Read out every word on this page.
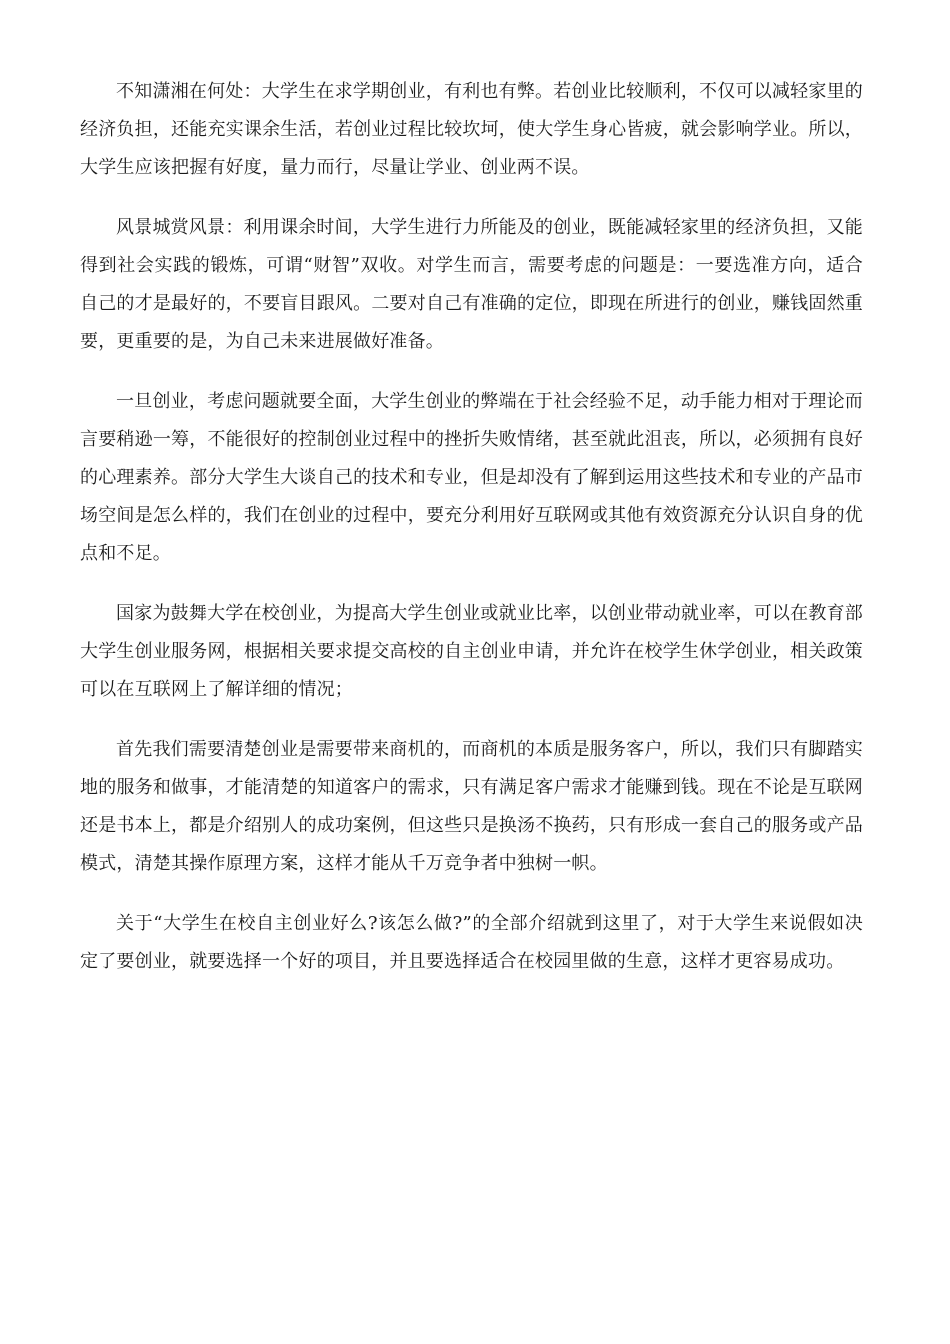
不知潇湘在何处：大学生在求学期创业，有利也有弊。若创业比较顺利，不仅可以减轻家里的经济负担，还能充实课余生活，若创业过程比较坎坷，使大学生身心皆疲，就会影响学业。所以，大学生应该把握有好度，量力而行，尽量让学业、创业两不误。

风景城赏风景：利用课余时间，大学生进行力所能及的创业，既能减轻家里的经济负担，又能得到社会实践的锻炼，可谓“财智”双收。对学生而言，需要考虑的问题是：一要选准方向，适合自己的才是最好的，不要盲目跟风。二要对自己有准确的定位，即现在所进行的创业，赚钱固然重要，更重要的是，为自己未来进展做好准备。

一旦创业，考虑问题就要全面，大学生创业的弊端在于社会经验不足，动手能力相对于理论而言要稍逊一筹，不能很好的控制创业过程中的挫折失败情绪，甚至就此沮丧，所以，必须拥有良好的心理素养。部分大学生大谈自己的技术和专业，但是却没有了解到运用这些技术和专业的产品市场空间是怎么样的，我们在创业的过程中，要充分利用好互联网或其他有效资源充分认识自身的优点和不足。

国家为鼓舞大学在校创业，为提高大学生创业或就业比率，以创业带动就业率，可以在教育部大学生创业服务网，根据相关要求提交高校的自主创业申请，并允许在校学生休学创业，相关政策可以在互联网上了解详细的情况；

首先我们需要清楚创业是需要带来商机的，而商机的本质是服务客户，所以，我们只有脚踏实地的服务和做事，才能清楚的知道客户的需求，只有满足客户需求才能赚到钱。现在不论是互联网还是书本上，都是介绍别人的成功案例，但这些只是换汤不换药，只有形成一套自己的服务或产品模式，清楚其操作原理方案，这样才能从千万竞争者中独树一帜。

关于“大学生在校自主创业好么?该怎么做?”的全部介绍就到这里了，对于大学生来说假如决定了要创业，就要选择一个好的项目，并且要选择适合在校园里做的生意，这样才更容易成功。
